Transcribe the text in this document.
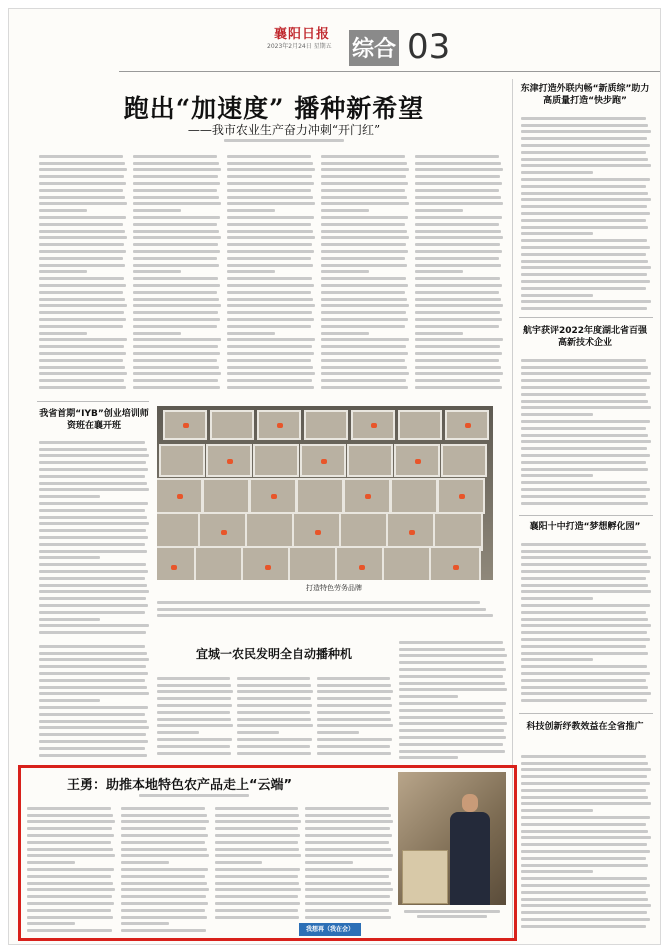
襄阳日报
2023年2月24日 星期五 综合 03
跑出“加速度” 播种新希望
——我市农业生产奋力冲刺“开门红”
东津打造外联内畅“新质综”助力高质量打造“快步跑”
航宇获评2022年度湖北省百强高新技术企业
襄阳十中打造“梦想孵化园”
科技创新纾教效益在全省推广
我省首期“IYB”创业培训师资班在襄开班
打造特色劳务品牌
宜城一农民发明全自动播种机
王勇：助推本地特色农产品走上“云端”
我想再（我在会）
